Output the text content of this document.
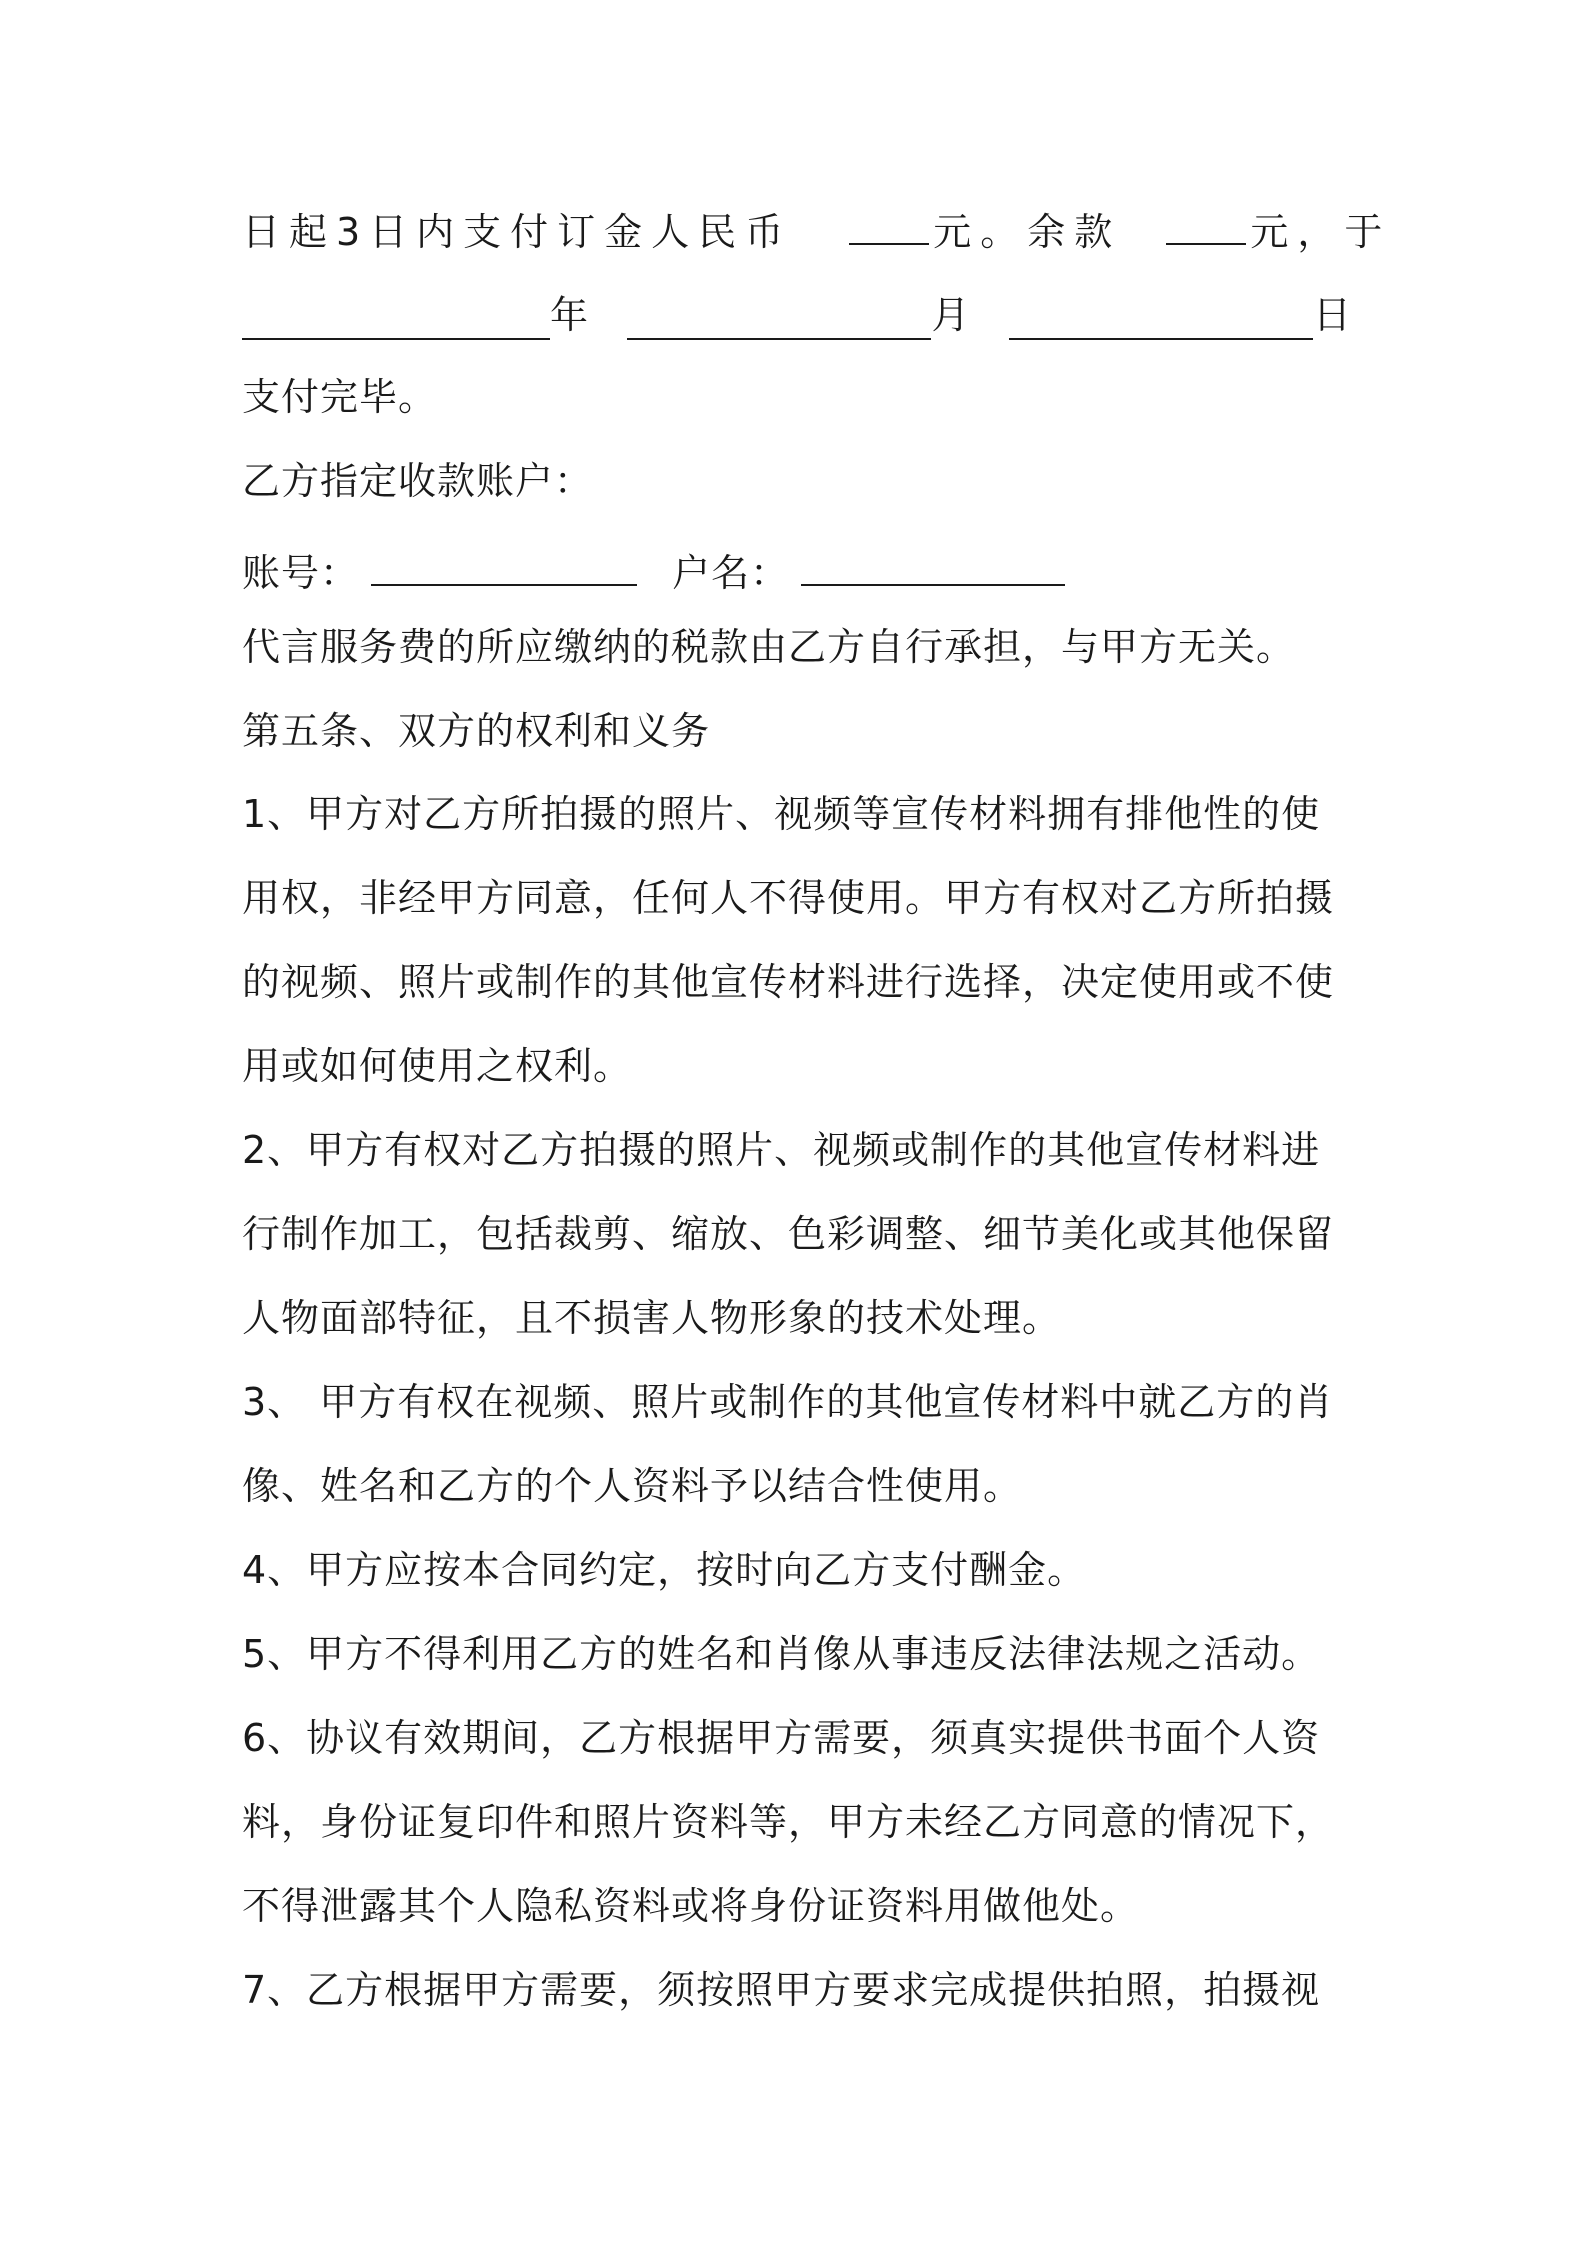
日起3日内支付订金人民币	元。余款	元，于
年	月	日
支付完毕。
乙方指定收款账户：
账号：	户名：
代言服务费的所应缴纳的税款由乙方自行承担，与甲方无关。
第五条、双方的权利和义务
1、甲方对乙方所拍摄的照片、视频等宣传材料拥有排他性的使
用权，非经甲方同意，任何人不得使用。甲方有权对乙方所拍摄
的视频、照片或制作的其他宣传材料进行选择，决定使用或不使
用或如何使用之权利。
2、甲方有权对乙方拍摄的照片、视频或制作的其他宣传材料进
行制作加工，包括裁剪、缩放、色彩调整、细节美化或其他保留
人物面部特征，且不损害人物形象的技术处理。
3、 甲方有权在视频、照片或制作的其他宣传材料中就乙方的肖
像、姓名和乙方的个人资料予以结合性使用。
4、甲方应按本合同约定，按时向乙方支付酬金。
5、甲方不得利用乙方的姓名和肖像从事违反法律法规之活动。
6、协议有效期间，乙方根据甲方需要，须真实提供书面个人资
料，身份证复印件和照片资料等，甲方未经乙方同意的情况下，
不得泄露其个人隐私资料或将身份证资料用做他处。
7、乙方根据甲方需要，须按照甲方要求完成提供拍照，拍摄视
